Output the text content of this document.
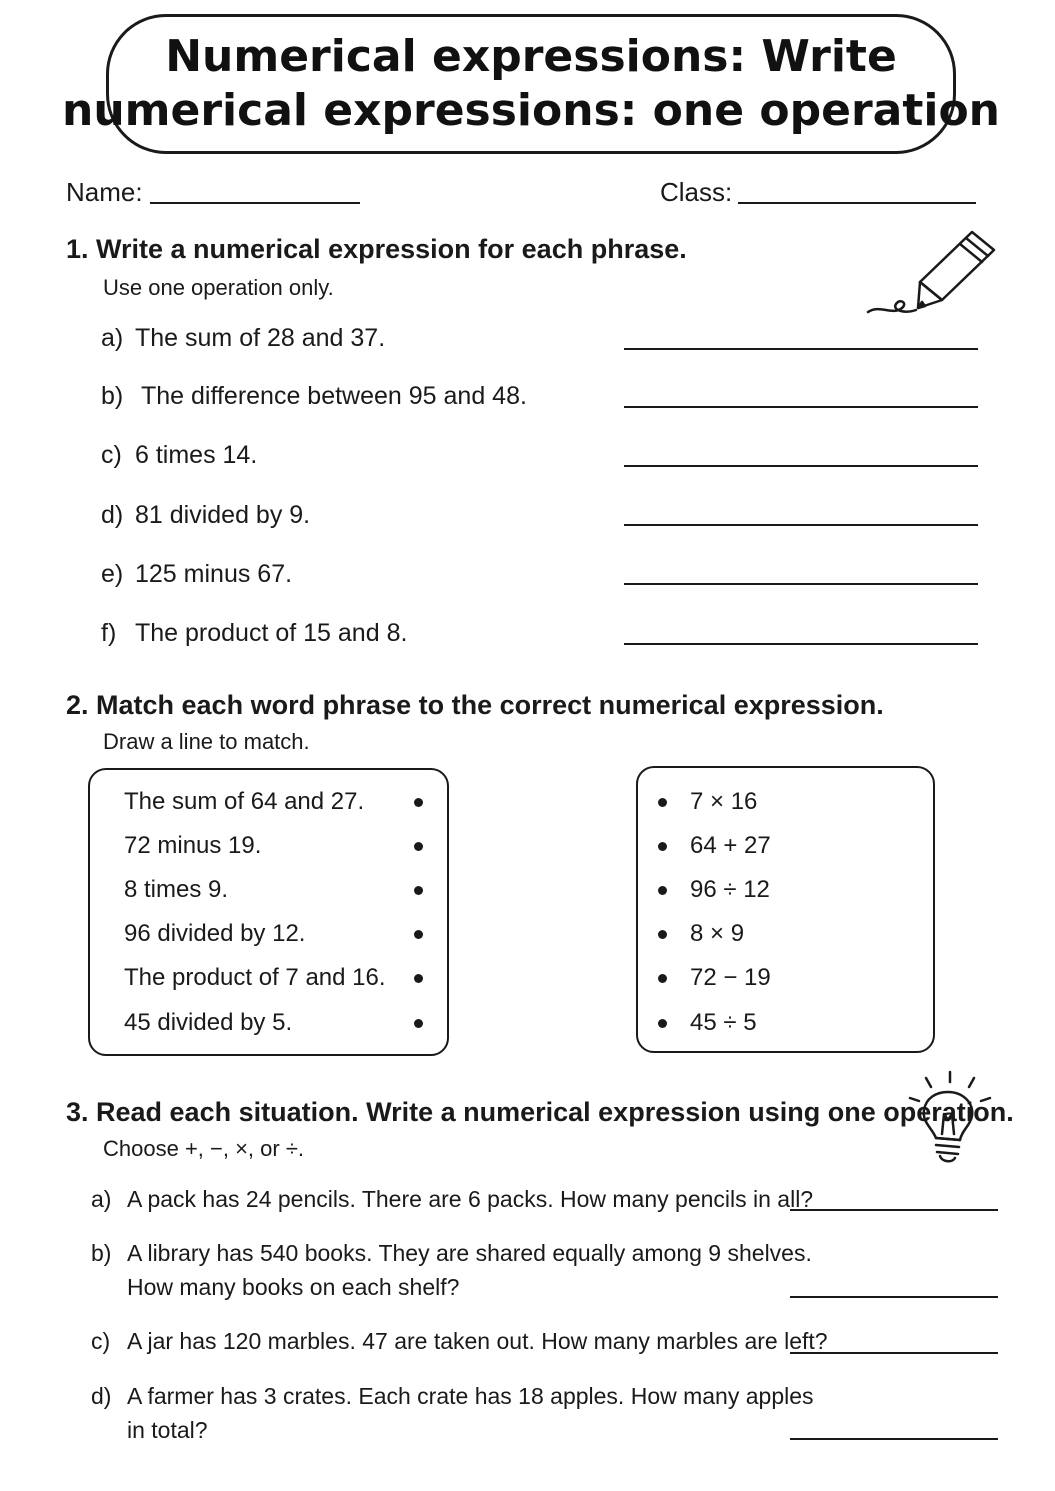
Numerical expressions: Write
numerical expressions: one operation
Name:	Class:
1. Write a numerical expression for each phrase.
Use one operation only.
a) The sum of 28 and 37.
b) The difference between 95 and 48.
c) 6 times 14.
d) 81 divided by 9.
e) 125 minus 67.
f) The product of 15 and 8.
2. Match each word phrase to the correct numerical expression.
Draw a line to match.
The sum of 64 and 27.
72 minus 19.
8 times 9.
96 divided by 12.
The product of 7 and 16.
45 divided by 5.
7 × 16
64 + 27
96 ÷ 12
8 × 9
72 − 19
45 ÷ 5
3. Read each situation. Write a numerical expression using one operation.
Choose +, −, ×, or ÷.
a) A pack has 24 pencils. There are 6 packs. How many pencils in all?
b) A library has 540 books. They are shared equally among 9 shelves.
How many books on each shelf?
c) A jar has 120 marbles. 47 are taken out. How many marbles are left?
d) A farmer has 3 crates. Each crate has 18 apples. How many apples
in total?
